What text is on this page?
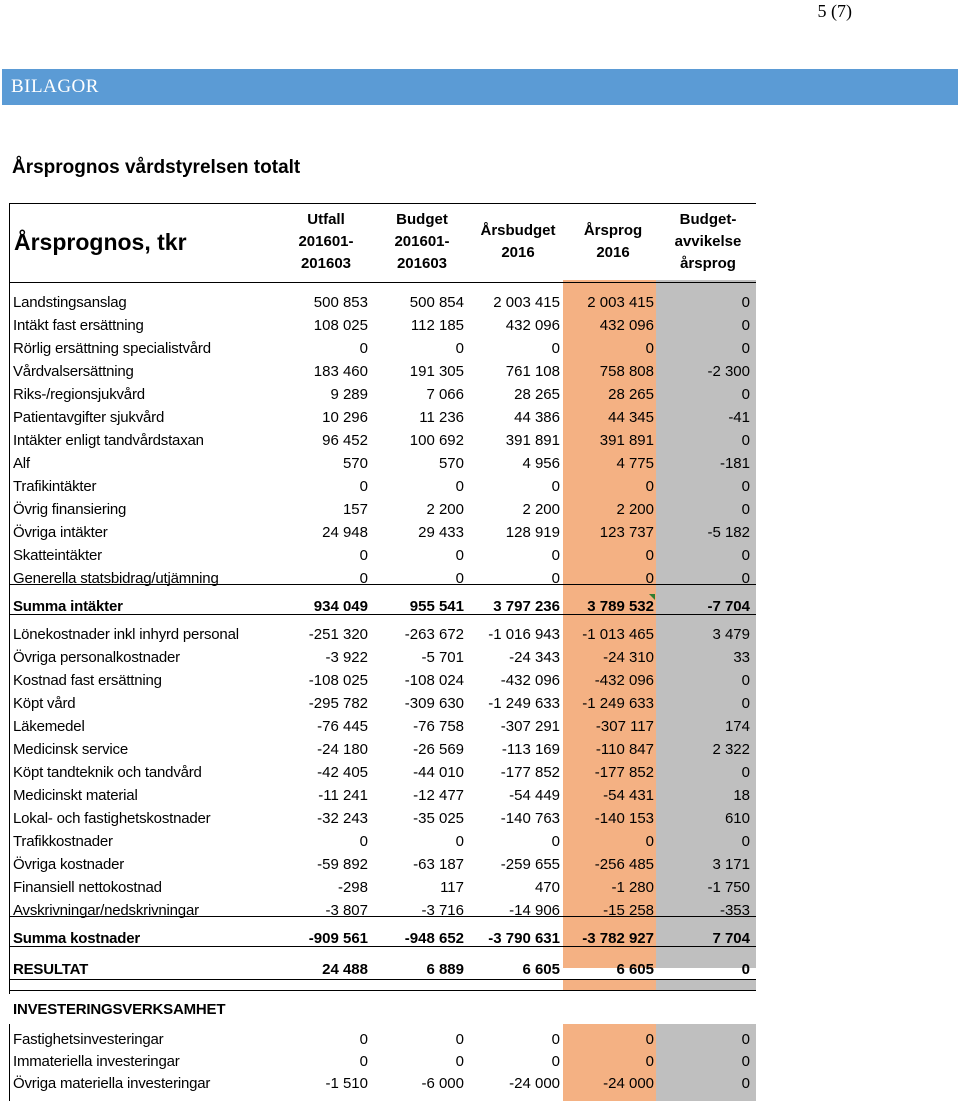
5 (7)
BILAGOR
Årsprognos vårdstyrelsen totalt
Årsprognos, tkr	Utfall
201601-
201603	Budget
201601-
201603	Årsbudget
2016	Årsprog
2016	Budget-
avvikelse
årsprog

Landstingsanslag	500 853	500 854	2 003 415	2 003 415	0
Intäkt fast ersättning	108 025	112 185	432 096	432 096	0
Rörlig ersättning specialistvård	0	0	0	0	0
Vårdvalsersättning	183 460	191 305	761 108	758 808	-2 300
Riks-/regionsjukvård	9 289	7 066	28 265	28 265	0
Patientavgifter sjukvård	10 296	11 236	44 386	44 345	-41
Intäkter enligt tandvårdstaxan	96 452	100 692	391 891	391 891	0
Alf	570	570	4 956	4 775	-181
Trafikintäkter	0	0	0	0	0
Övrig finansiering	157	2 200	2 200	2 200	0
Övriga intäkter	24 948	29 433	128 919	123 737	-5 182
Skatteintäkter	0	0	0	0	0
Generella statsbidrag/utjämning	0	0	0	0	0

Summa intäkter	934 049	955 541	3 797 236	3 789 532	-7 704

Lönekostnader inkl inhyrd personal	-251 320	-263 672	-1 016 943	-1 013 465	3 479
Övriga personalkostnader	-3 922	-5 701	-24 343	-24 310	33
Kostnad fast ersättning	-108 025	-108 024	-432 096	-432 096	0
Köpt vård	-295 782	-309 630	-1 249 633	-1 249 633	0
Läkemedel	-76 445	-76 758	-307 291	-307 117	174
Medicinsk service	-24 180	-26 569	-113 169	-110 847	2 322
Köpt tandteknik och tandvård	-42 405	-44 010	-177 852	-177 852	0
Medicinskt material	-11 241	-12 477	-54 449	-54 431	18
Lokal- och fastighetskostnader	-32 243	-35 025	-140 763	-140 153	610
Trafikkostnader	0	0	0	0	0
Övriga kostnader	-59 892	-63 187	-259 655	-256 485	3 171
Finansiell nettokostnad	-298	117	470	-1 280	-1 750
Avskrivningar/nedskrivningar	-3 807	-3 716	-14 906	-15 258	-353

Summa kostnader	-909 561	-948 652	-3 790 631	-3 782 927	7 704

RESULTAT	24 488	6 889	6 605	6 605	0

INVESTERINGSVERKSAMHET					

Fastighetsinvesteringar	0	0	0	0	0
Immateriella investeringar	0	0	0	0	0
Övriga materiella investeringar	-1 510	-6 000	-24 000	-24 000	0
